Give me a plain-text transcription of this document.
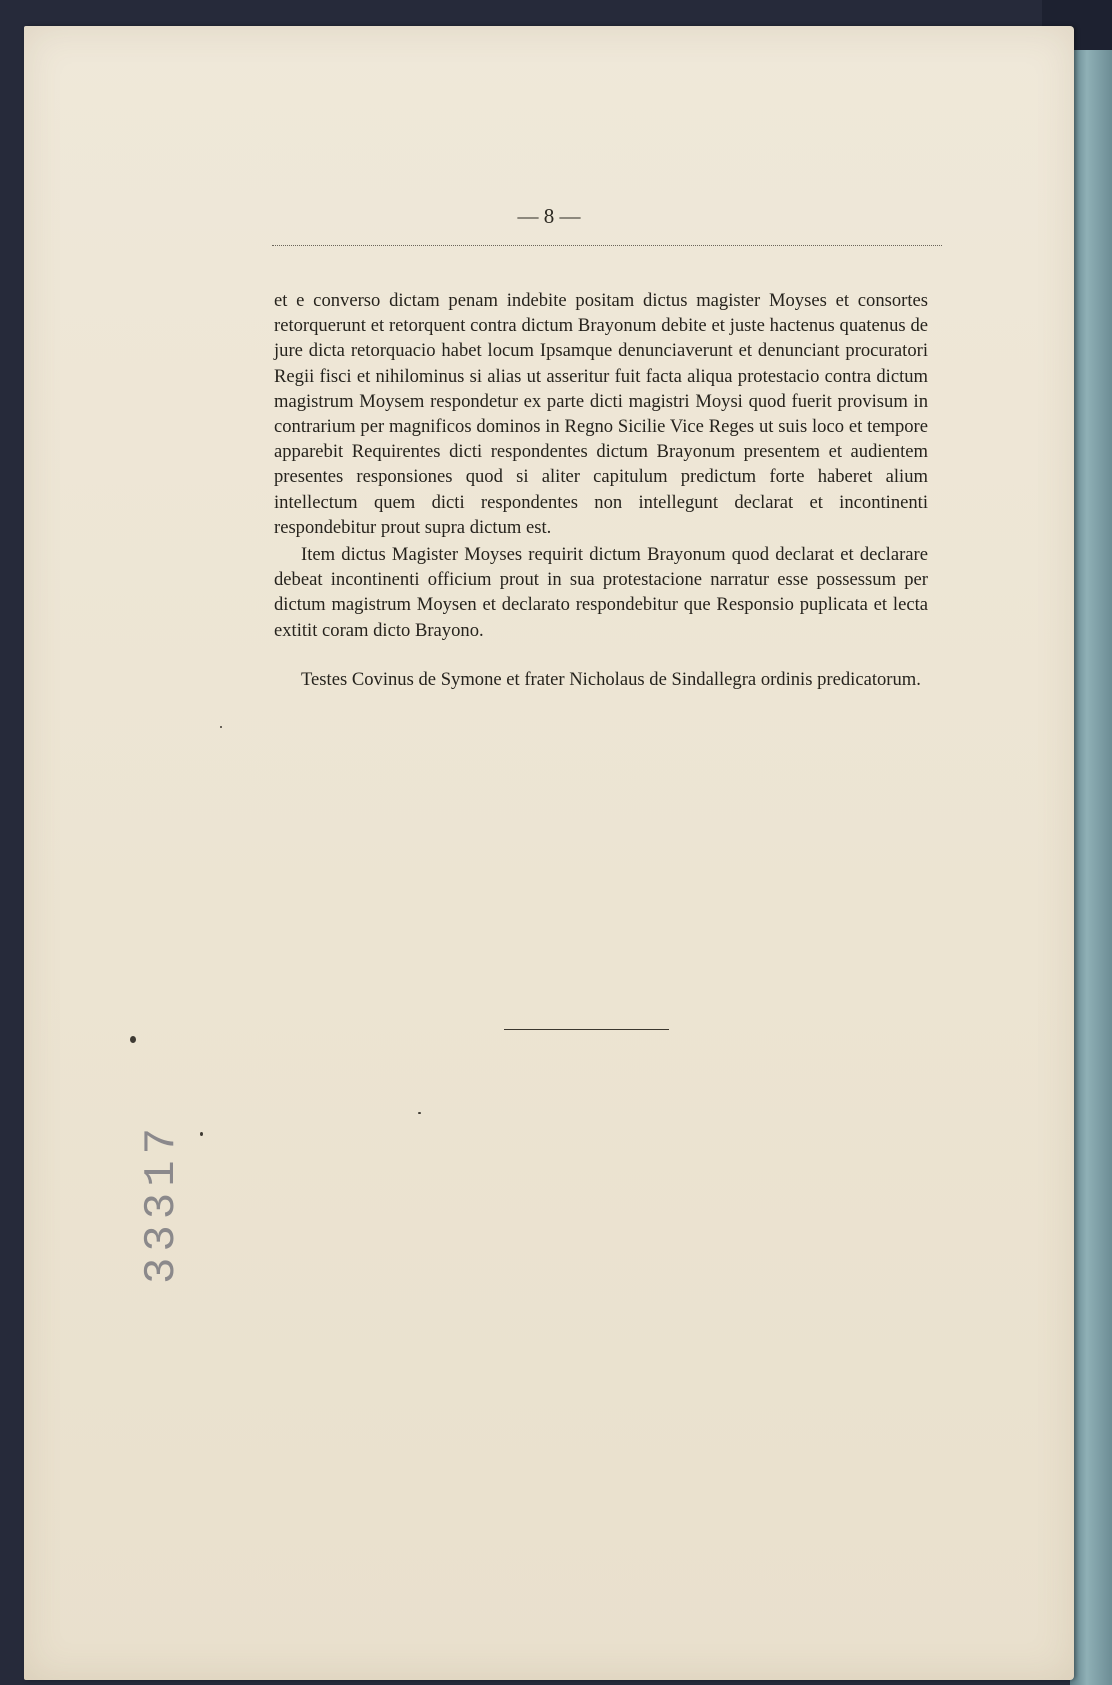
— 8 —

et e converso dictam penam indebite positam dictus magister Moyses et consortes retorquerunt et retorquent contra dictum Brayonum debite et juste hactenus quatenus de jure dicta retorquacio habet locum Ipsamque denunciaverunt et denunciant procuratori Regii fisci et nihilominus si alias ut asseritur fuit facta aliqua protestacio contra dictum magistrum Moysem respondetur ex parte dicti magistri Moysi quod fuerit provisum in contrarium per magnificos dominos in Regno Sicilie Vice Reges ut suis loco et tempore apparebit Requirentes dicti respondentes dictum Brayonum presentem et audientem presentes responsiones quod si aliter capitulum predictum forte haberet alium intellectum quem dicti respondentes non intellegunt declarat et incontinenti respondebitur prout supra dictum est.

Item dictus Magister Moyses requirit dictum Brayonum quod declarat et declarare debeat incontinenti officium prout in sua protestacione narratur esse possessum per dictum magistrum Moysen et declarato respondebitur que Responsio puplicata et lecta extitit coram dicto Brayono.

Testes Covinus de Symone et frater Nicholaus de Sindallegra ordinis predicatorum.

33317
